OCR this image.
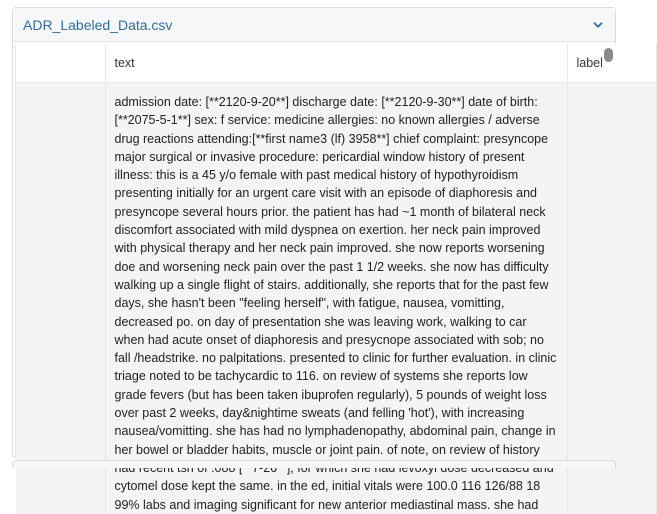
ADR_Labeled_Data.csv

	text	label

	admission date: [**2120-9-20**] discharge date: [**2120-9-30**] date of birth: [**2075-5-1**] sex: f service: medicine allergies: no known allergies / adverse drug reactions attending:[**first name3 (lf) 3958**] chief complaint: presyncope major surgical or invasive procedure: pericardial window history of present illness: this is a 45 y/o female with past medical history of hypothyroidism presenting initially for an urgent care visit with an episode of diaphoresis and presyncope several hours prior. the patient has had ~1 month of bilateral neck discomfort associated with mild dyspnea on exertion. her neck pain improved with physical therapy and her neck pain improved. she now reports worsening doe and worsening neck pain over the past 1 1/2 weeks. she now has difficulty walking up a single flight of stairs. additionally, she reports that for the past few days, she hasn't been "feeling herself", with fatigue, nausea, vomitting, decreased po. on day of presentation she was leaving work, walking to car when had acute onset of diaphoresis and presycnope associated with sob; no fall /headstrike. no palpitations. presented to clinic for further evaluation. in clinic triage noted to be tachycardic to 116. on review of systems she reports low grade fevers (but has been taken ibuprofen regularly), 5 pounds of weight loss over past 2 weeks, day&nightime sweats (and felling 'hot'), with increasing nausea/vomitting. she has had no lymphadenopathy, abdominal pain, change in her bowel or bladder habits, muscle or joint pain. of note, on review of history cytomel dose kept the same. in the ed, initial vitals were 100.0 116 126/88 18 99% labs and imaging significant for new anterior mediastinal mass. she had	
